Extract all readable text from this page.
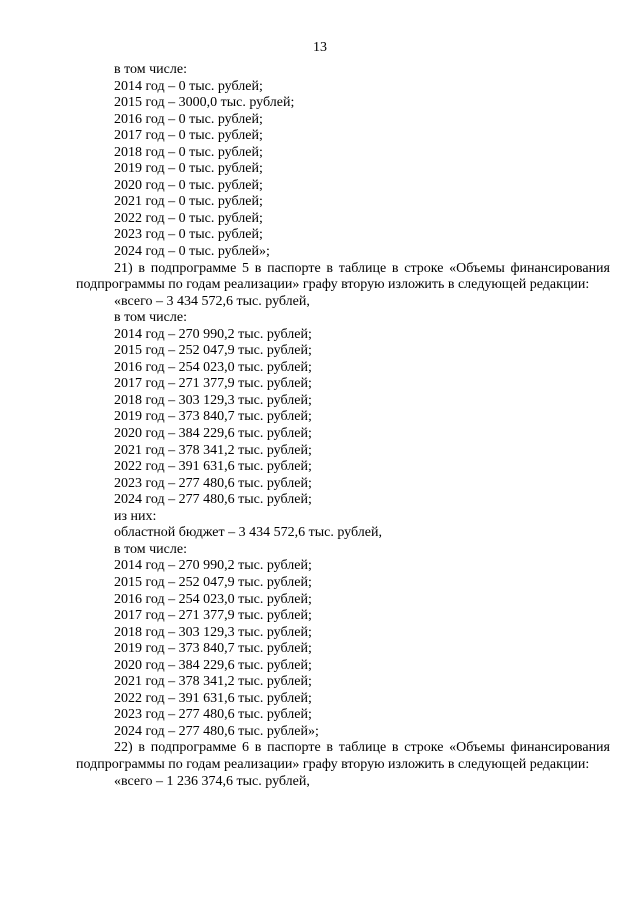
13
в том числе:
2014 год – 0 тыс. рублей;
2015 год – 3000,0 тыс. рублей;
2016 год – 0 тыс. рублей;
2017 год – 0 тыс. рублей;
2018 год – 0 тыс. рублей;
2019 год – 0 тыс. рублей;
2020 год – 0 тыс. рублей;
2021 год – 0 тыс. рублей;
2022 год – 0 тыс. рублей;
2023 год – 0 тыс. рублей;
2024 год – 0 тыс. рублей»;
21) в подпрограмме 5 в паспорте в таблице в строке «Объемы финансирования подпрограммы по годам реализации» графу вторую изложить в следующей редакции:
«всего – 3 434 572,6 тыс. рублей,
в том числе:
2014 год – 270 990,2 тыс. рублей;
2015 год – 252 047,9 тыс. рублей;
2016 год – 254 023,0 тыс. рублей;
2017 год – 271 377,9 тыс. рублей;
2018 год – 303 129,3 тыс. рублей;
2019 год – 373 840,7 тыс. рублей;
2020 год – 384 229,6 тыс. рублей;
2021 год – 378 341,2 тыс. рублей;
2022 год – 391 631,6 тыс. рублей;
2023 год – 277 480,6 тыс. рублей;
2024 год – 277 480,6 тыс. рублей;
из них:
областной бюджет – 3 434 572,6 тыс. рублей,
в том числе:
2014 год – 270 990,2 тыс. рублей;
2015 год – 252 047,9 тыс. рублей;
2016 год – 254 023,0 тыс. рублей;
2017 год – 271 377,9 тыс. рублей;
2018 год – 303 129,3 тыс. рублей;
2019 год – 373 840,7 тыс. рублей;
2020 год – 384 229,6 тыс. рублей;
2021 год – 378 341,2 тыс. рублей;
2022 год – 391 631,6 тыс. рублей;
2023 год – 277 480,6 тыс. рублей;
2024 год – 277 480,6 тыс. рублей»;
22) в подпрограмме 6 в паспорте в таблице в строке «Объемы финансирования подпрограммы по годам реализации» графу вторую изложить в следующей редакции:
«всего – 1 236 374,6 тыс. рублей,
